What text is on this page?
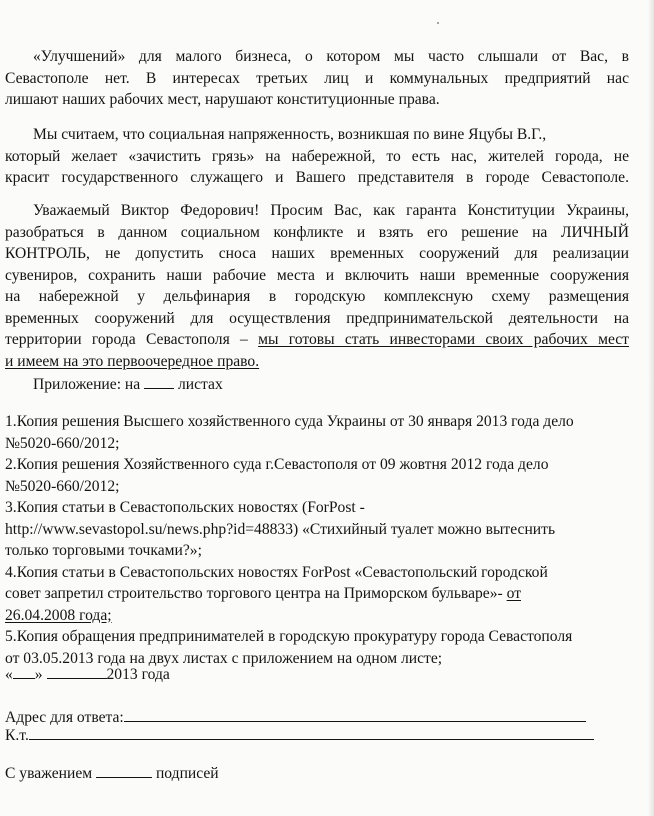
«Улучшений» для малого бизнеса, о котором мы часто слышали от Вас, в
Севастополе нет. В интересах третьих лиц и коммунальных предприятий нас
лишают наших рабочих мест, нарушают конституционные права.
Мы считаем, что социальная напряженность, возникшая по вине Яцубы В.Г.,
который желает «зачистить грязь» на набережной, то есть нас, жителей города, не
красит государственного служащего и Вашего представителя в городе Севастополе.
Уважаемый Виктор Федорович! Просим Вас, как гаранта Конституции Украины,
разобраться в данном социальном конфликте и взять его решение на ЛИЧНЫЙ
КОНТРОЛЬ, не допустить сноса наших временных сооружений для реализации
сувениров, сохранить наши рабочие места и включить наши временные сооружения
на набережной у дельфинария в городскую комплексную схему размещения
временных сооружений для осуществления предпринимательской деятельности на
территории города Севастополя – мы готовы стать инвесторами своих рабочих мест
и имеем на это первоочередное право.
Приложение: на  листах
1.Копия решения Высшего хозяйственного суда Украины от 30 января 2013 года дело
№5020-660/2012;
2.Копия решения Хозяйственного суда г.Севастополя от 09 жовтня 2012 года дело
№5020-660/2012;
3.Копия статьи в Севастопольских новостях (ForPost -
http://www.sevastopol.su/news.php?id=48833) «Стихийный туалет можно вытеснить
только торговыми точками?»;
4.Копия статьи в Севастопольских новостях ForPost «Севастопольский городской
совет запретил строительство торгового центра на Приморском бульваре»- от
26.04.2008 года;
5.Копия обращения предпринимателей в городскую прокуратуру города Севастополя
от 03.05.2013 года на двух листах с приложением на одном листе;
« »	2013 года
Адрес для ответа:
К.т.
С уважением	подписей
